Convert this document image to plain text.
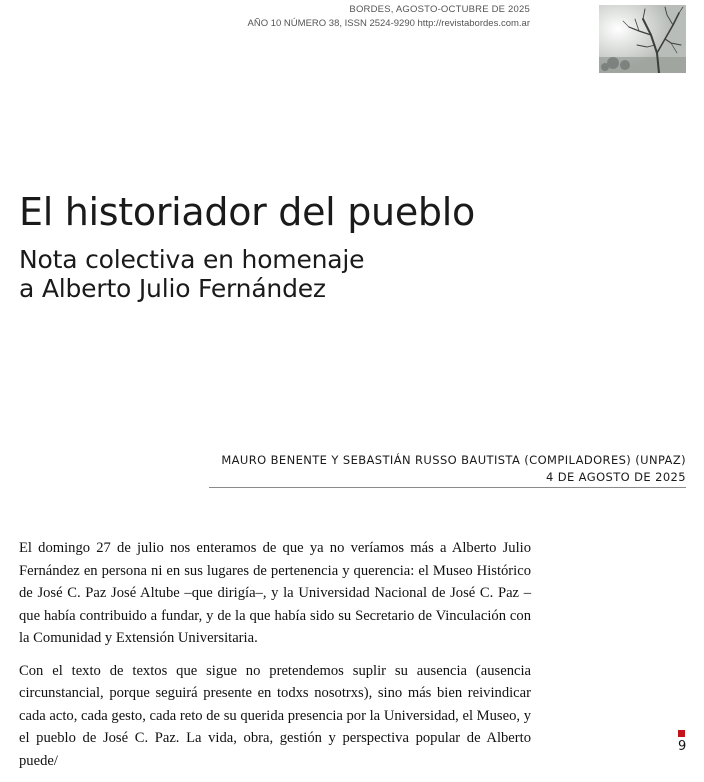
BORDES, AGOSTO-OCTUBRE DE 2025
AÑO 10 NÚMERO 38, ISSN 2524-9290 http://revistabordes.com.ar
El historiador del pueblo
Nota colectiva en homenaje
a Alberto Julio Fernández
MAURO BENENTE Y SEBASTIÁN RUSSO BAUTISTA (COMPILADORES) (UNPAZ)
4 DE AGOSTO DE 2025

El domingo 27 de julio nos enteramos de que ya no veríamos más a Alberto Julio Fernández en persona ni en sus lugares de pertenencia y querencia: el Museo Histórico de José C. Paz José Altube –que dirigía–, y la Universidad Nacional de José C. Paz –que había contribuido a fundar, y de la que había sido su Secretario de Vinculación con la Comunidad y Extensión Universitaria.

Con el texto de textos que sigue no pretendemos suplir su ausencia (ausencia circunstancial, porque seguirá presente en todxs nosotrxs), sino más bien reivindicar cada acto, cada gesto, cada reto de su querida presencia por la Universidad, el Museo, y el pueblo de José C. Paz. La vida, obra, gestión y perspectiva popular de Alberto puede/

9
